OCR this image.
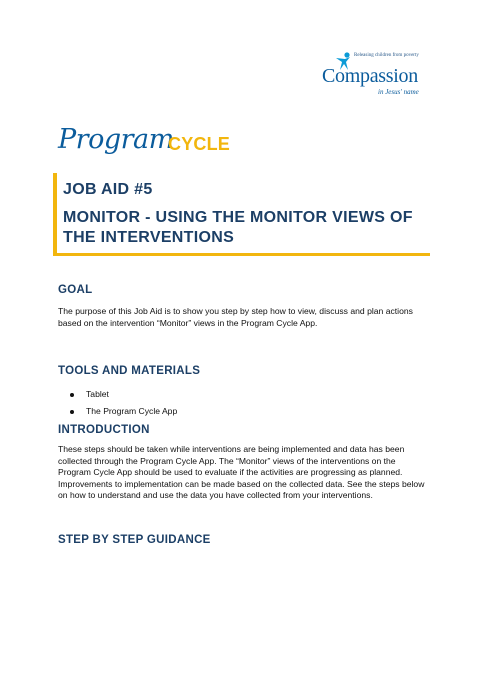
Releasing children from poverty
Compassion
in Jesus' name
Program
CYCLE
JOB AID #5
MONITOR - USING THE MONITOR VIEWS OF THE INTERVENTIONS
GOAL
The purpose of this Job Aid is to show you step by step how to view, discuss and plan actions based on the intervention “Monitor” views in the Program Cycle App.
TOOLS AND MATERIALS
Tablet
The Program Cycle App
INTRODUCTION
These steps should be taken while interventions are being implemented and data has been collected through the Program Cycle App. The “Monitor” views of the interventions on the Program Cycle App should be used to evaluate if the activities are progressing as planned. Improvements to implementation can be made based on the collected data. See the steps below on how to understand and use the data you have collected from your interventions.
STEP BY STEP GUIDANCE
